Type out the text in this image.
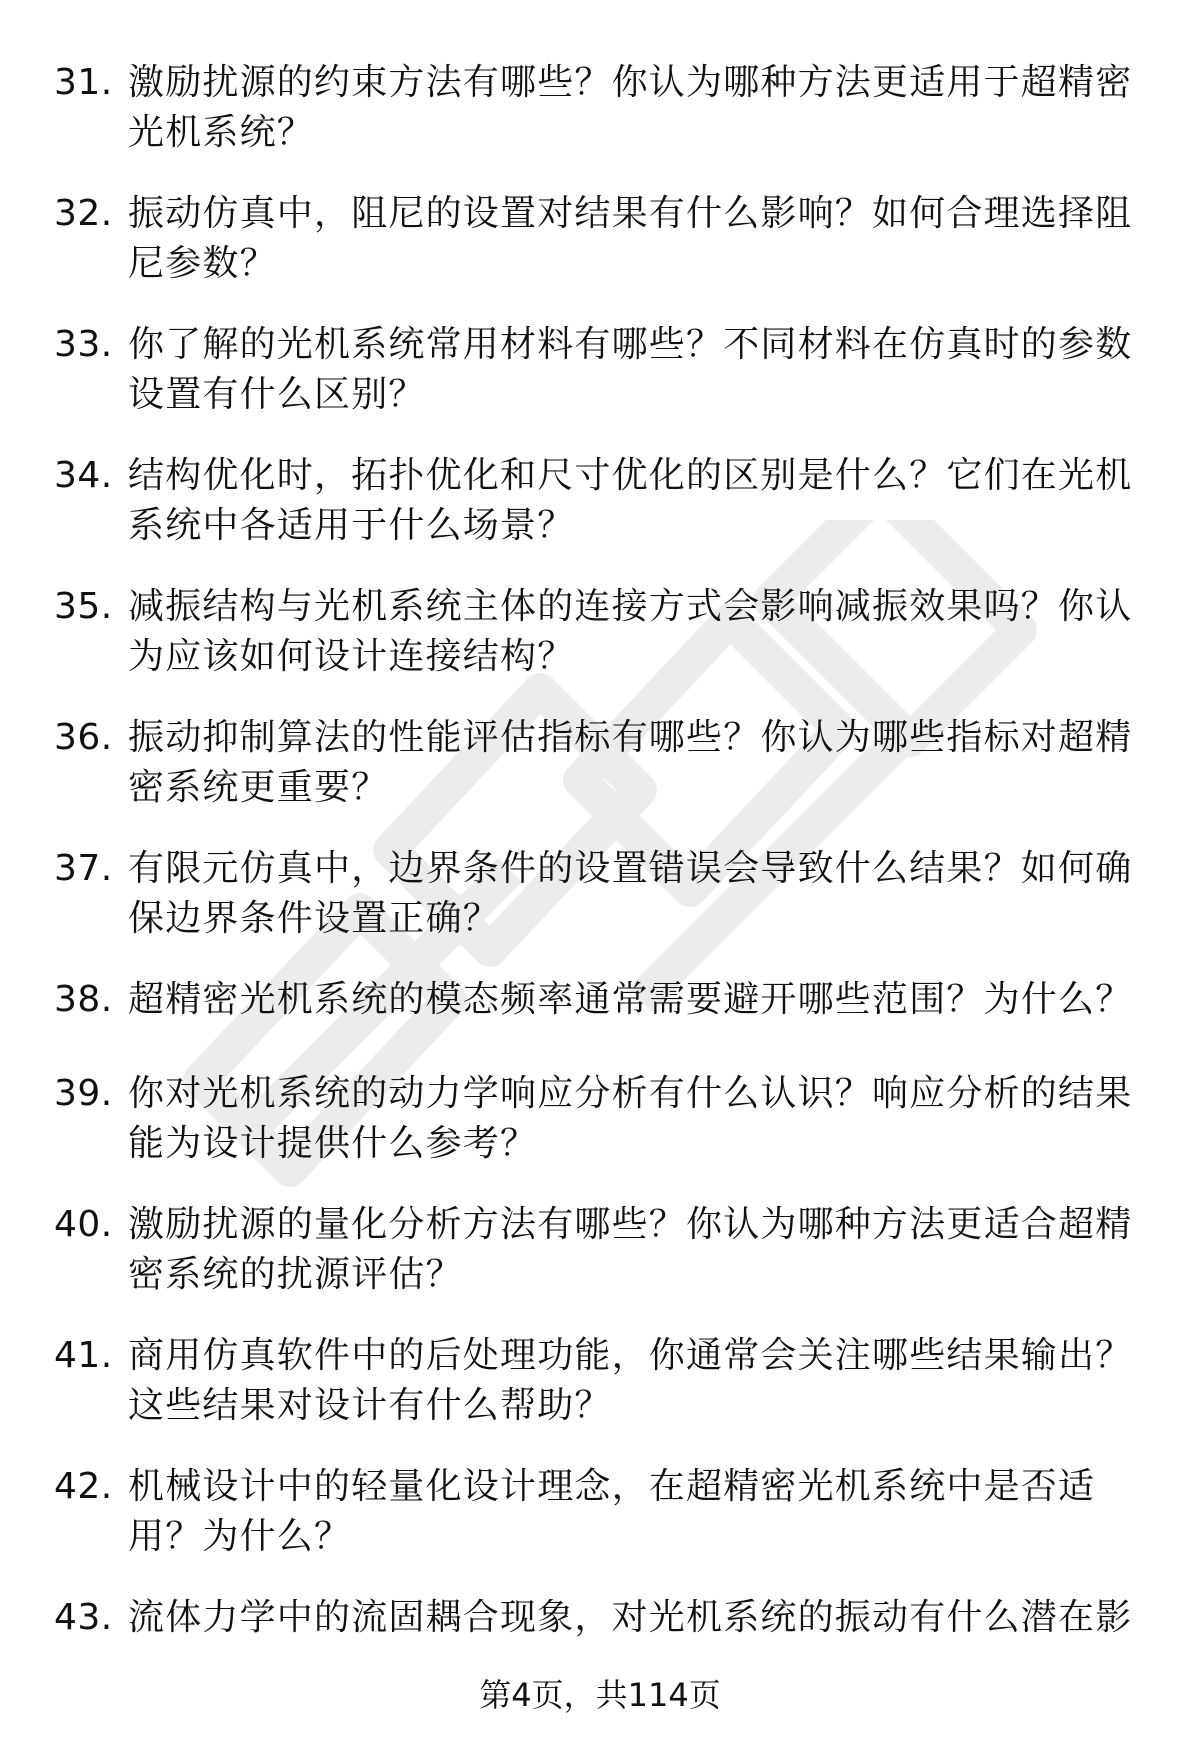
31. 激励扰源的约束方法有哪些？你认为哪种方法更适用于超精密光机系统？
32. 振动仿真中，阻尼的设置对结果有什么影响？如何合理选择阻尼参数？
33. 你了解的光机系统常用材料有哪些？不同材料在仿真时的参数设置有什么区别？
34. 结构优化时，拓扑优化和尺寸优化的区别是什么？它们在光机系统中各适用于什么场景？
35. 减振结构与光机系统主体的连接方式会影响减振效果吗？你认为应该如何设计连接结构？
36. 振动抑制算法的性能评估指标有哪些？你认为哪些指标对超精密系统更重要？
37. 有限元仿真中，边界条件的设置错误会导致什么结果？如何确保边界条件设置正确？
38. 超精密光机系统的模态频率通常需要避开哪些范围？为什么？
39. 你对光机系统的动力学响应分析有什么认识？响应分析的结果能为设计提供什么参考？
40. 激励扰源的量化分析方法有哪些？你认为哪种方法更适合超精密系统的扰源评估？
41. 商用仿真软件中的后处理功能，你通常会关注哪些结果输出？这些结果对设计有什么帮助？
42. 机械设计中的轻量化设计理念，在超精密光机系统中是否适用？为什么？
43. 流体力学中的流固耦合现象，对光机系统的振动有什么潜在影
第4页，共114页
